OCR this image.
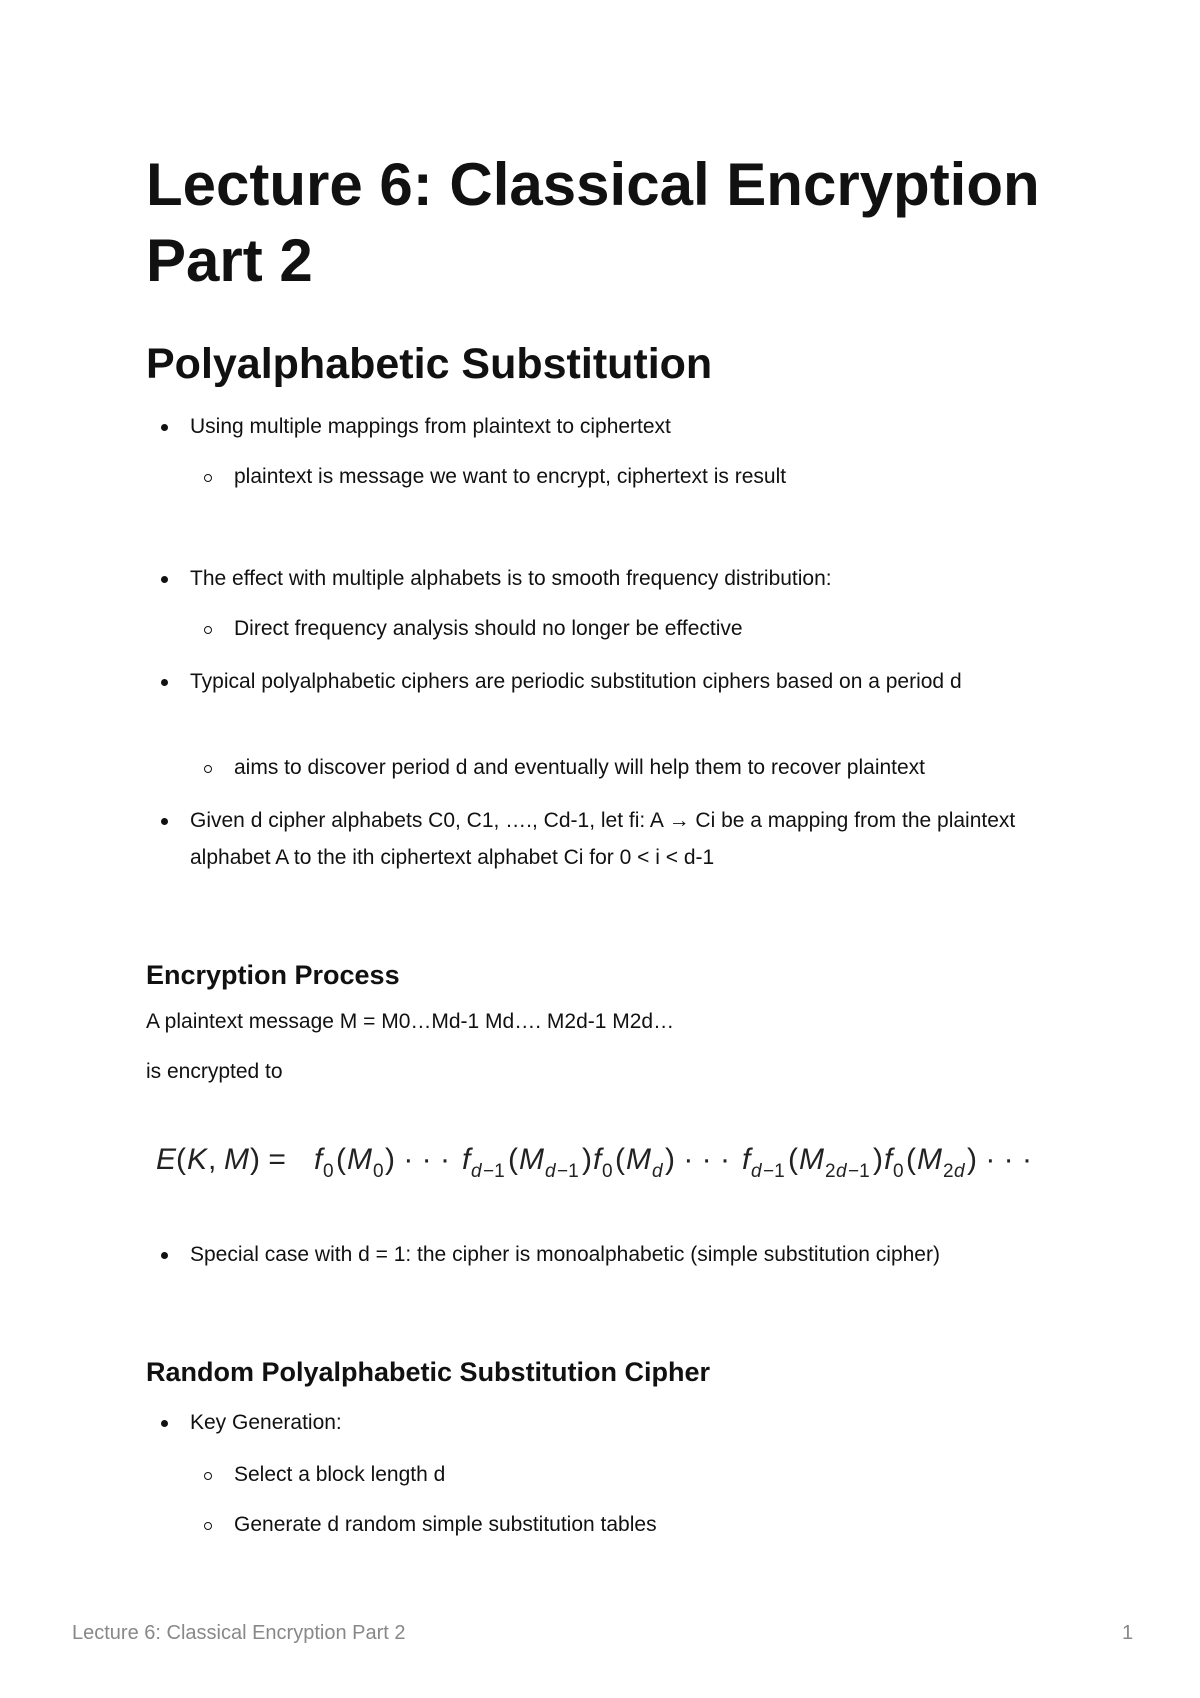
Lecture 6: Classical Encryption Part 2
Polyalphabetic Substitution

Using multiple mappings from plaintext to ciphertext

plaintext is message we want to encrypt, ciphertext is result

The effect with multiple alphabets is to smooth frequency distribution:

Direct frequency analysis should no longer be effective

Typical polyalphabetic ciphers are periodic substitution ciphers based on a period d

aims to discover period d and eventually will help them to recover plaintext

Given d cipher alphabets C0, C1, …., Cd-1, let fi: A → Ci be a mapping from the plaintext alphabet A to the ith ciphertext alphabet Ci for 0 < i < d-1

Encryption Process

A plaintext message M = M0…Md-1 Md…. M2d-1 M2d…

is encrypted to

E ( K , M ) = f 0 ( M 0 ) · · · f d −1 ( M d −1 ) f 0 ( M d ) · · · f d −1 ( M 2 d −1 ) f 0 ( M 2 d ) · · ·

Special case with d = 1: the cipher is monoalphabetic (simple substitution cipher)

Random Polyalphabetic Substitution Cipher

Key Generation:

Select a block length d

Generate d random simple substitution tables

Lecture 6: Classical Encryption Part 2	1
